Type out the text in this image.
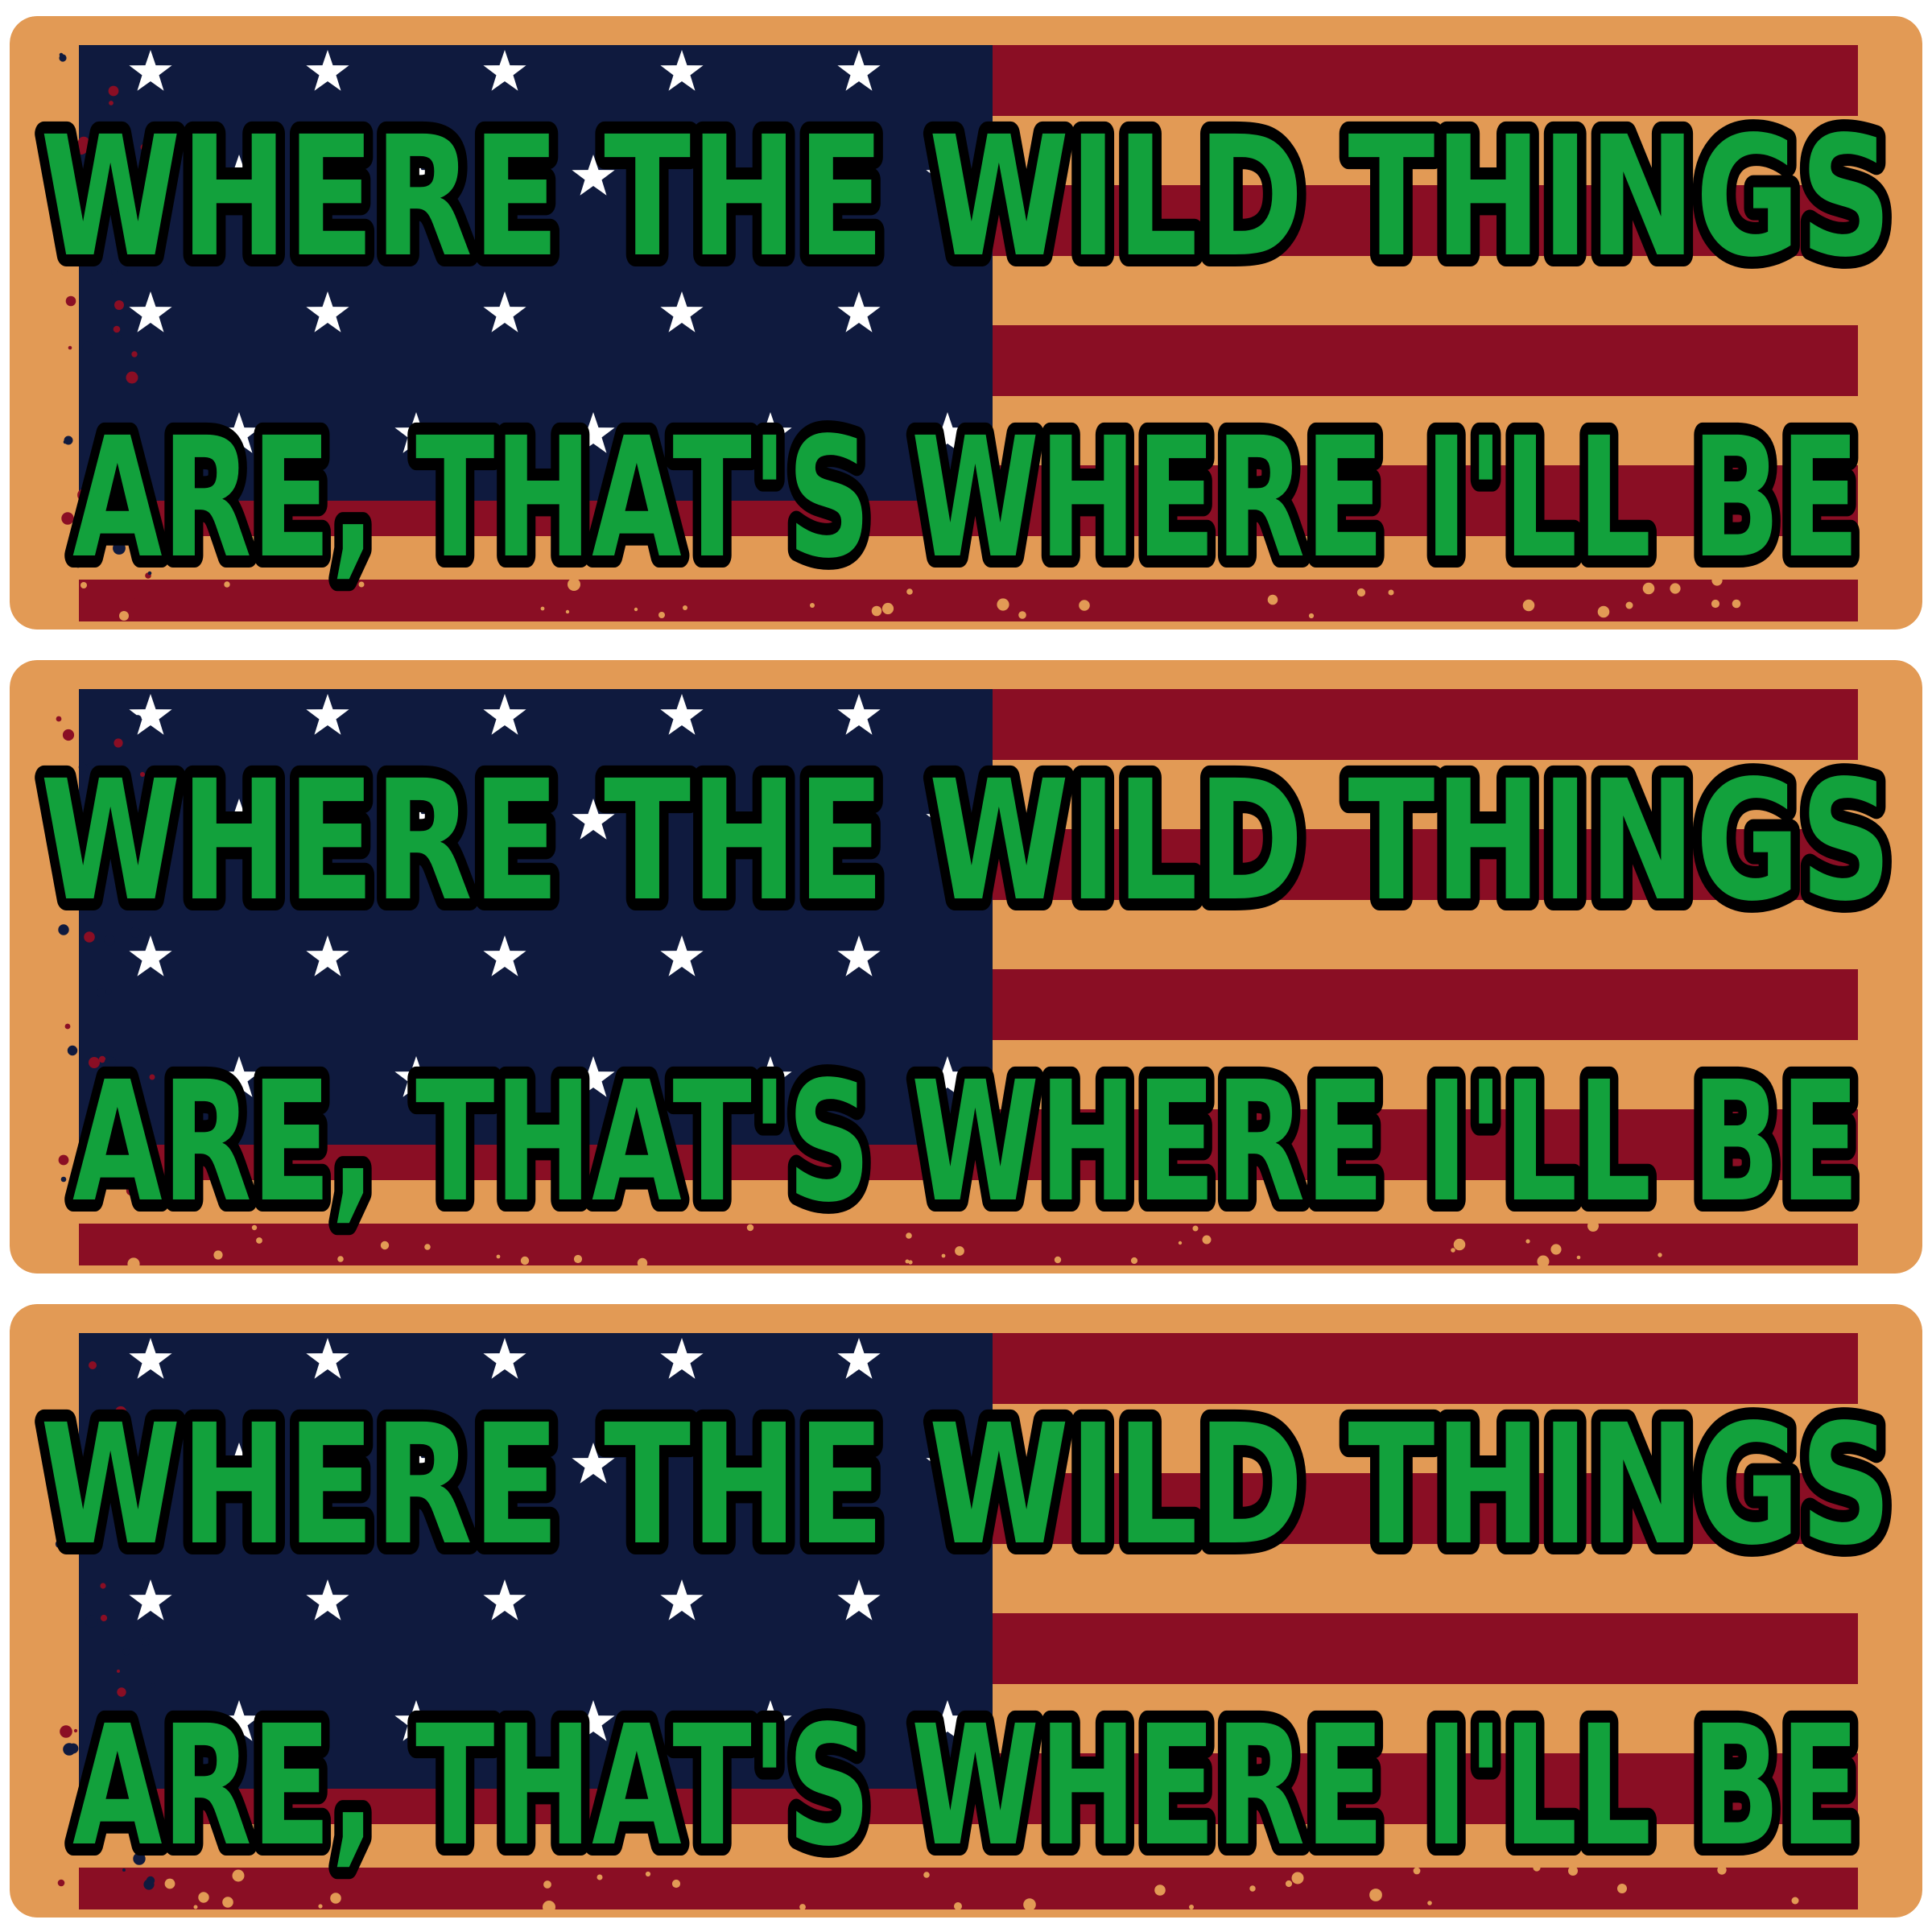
WHERE THE WILD THINGS
ARE, THAT'S WHERE I'LL BE
WHERE THE WILD THINGS
ARE, THAT'S WHERE I'LL BE
WHERE THE WILD THINGS
ARE, THAT'S WHERE I'LL BE
